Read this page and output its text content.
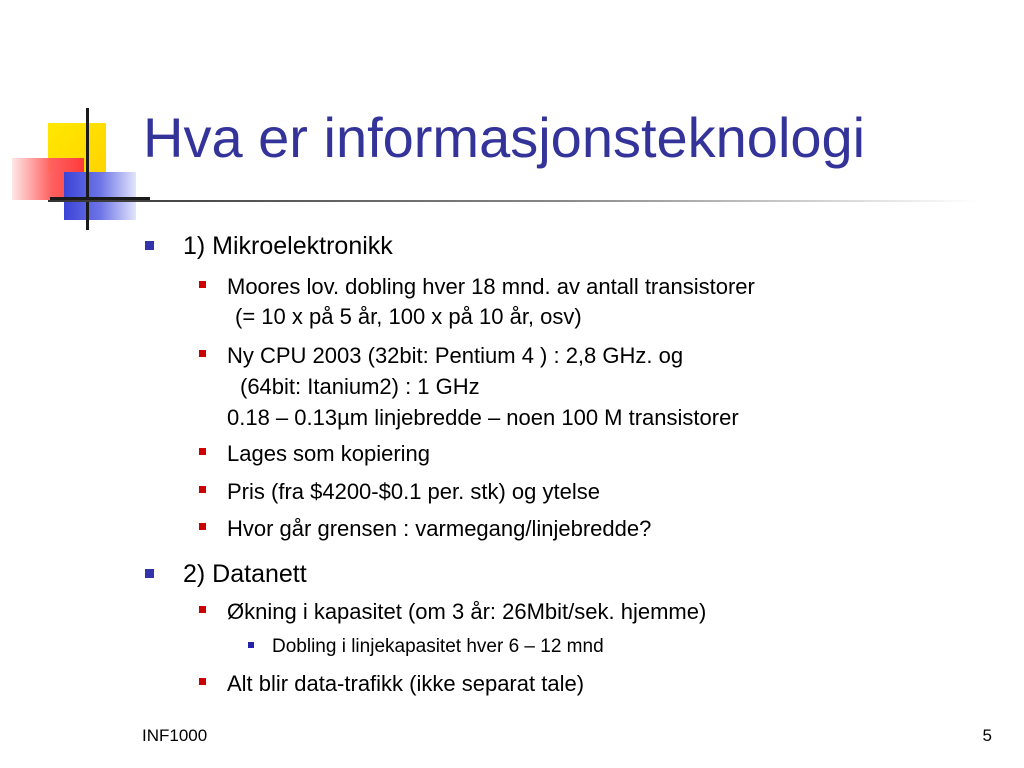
Hva er informasjonsteknologi
1) Mikroelektronikk
Moores lov. dobling hver 18 mnd. av antall transistorer
(= 10 x på 5 år, 100 x på 10 år, osv)
Ny CPU 2003 (32bit: Pentium 4 ) : 2,8 GHz. og
(64bit: Itanium2) : 1 GHz
0.18 – 0.13µm linjebredde – noen 100 M transistorer
Lages som kopiering
Pris (fra $4200-$0.1 per. stk) og ytelse
Hvor går grensen : varmegang/linjebredde?
2) Datanett
Økning i kapasitet (om 3 år: 26Mbit/sek. hjemme)
Dobling i linjekapasitet hver 6 – 12 mnd
Alt blir data-trafikk (ikke separat tale)
INF1000	5
